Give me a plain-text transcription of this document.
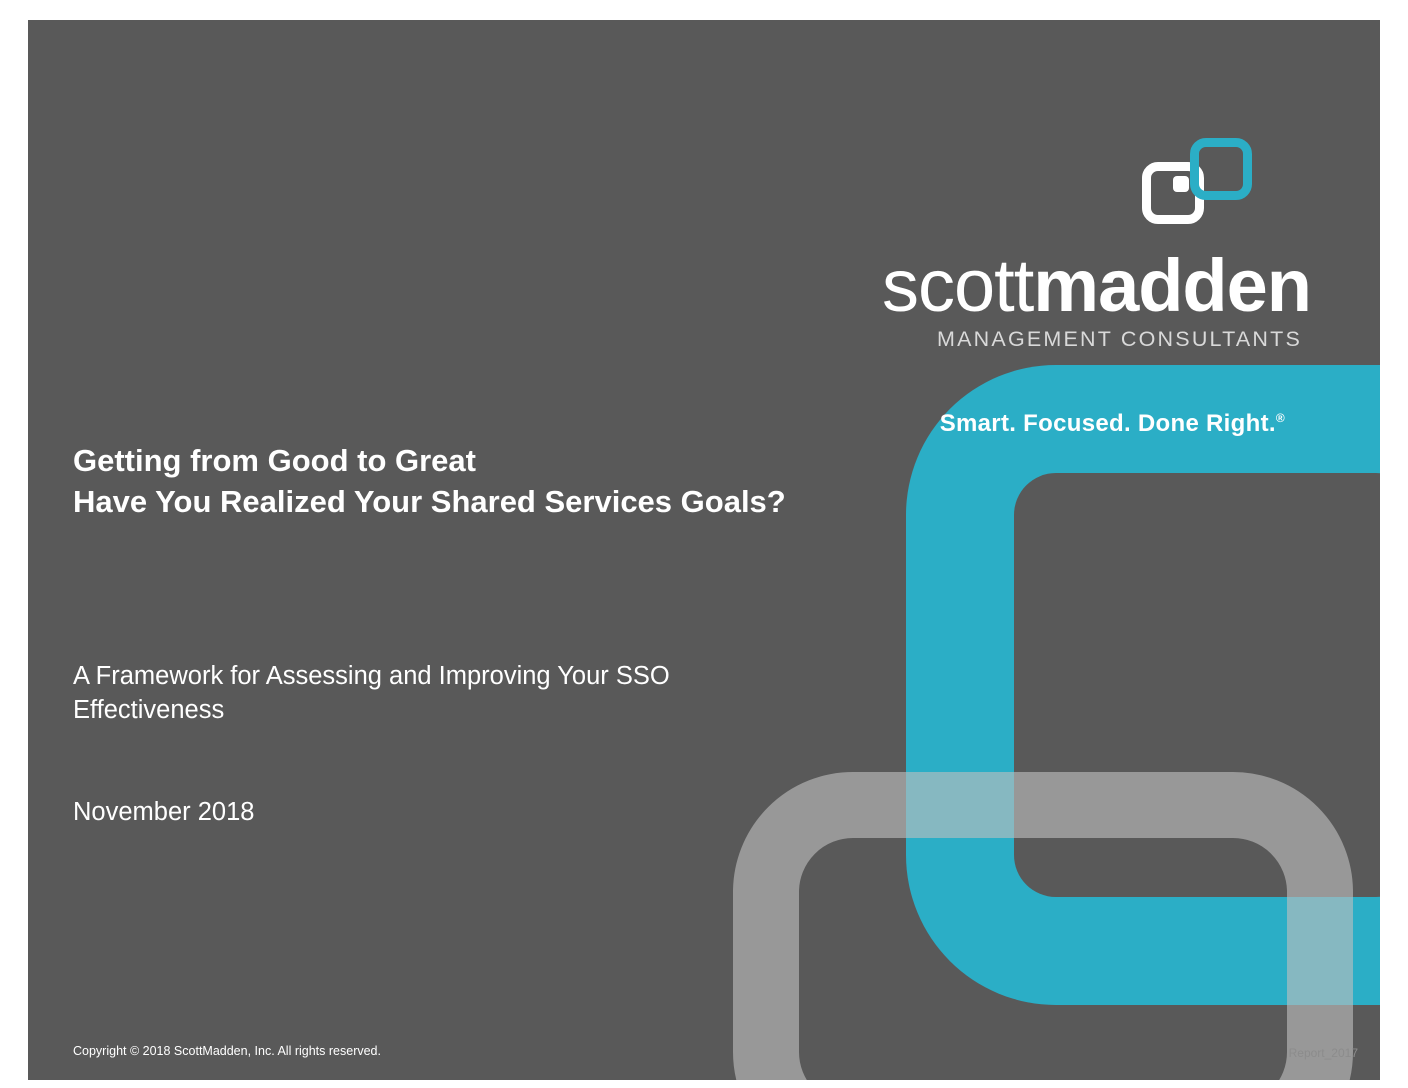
scottmadden
MANAGEMENT CONSULTANTS
Smart. Focused. Done Right.®
Getting from Good to Great
Have You Realized Your Shared Services Goals?
A Framework for Assessing and Improving Your SSO Effectiveness
November 2018
Copyright © 2018 ScottMadden, Inc. All rights reserved.	Report_2017
